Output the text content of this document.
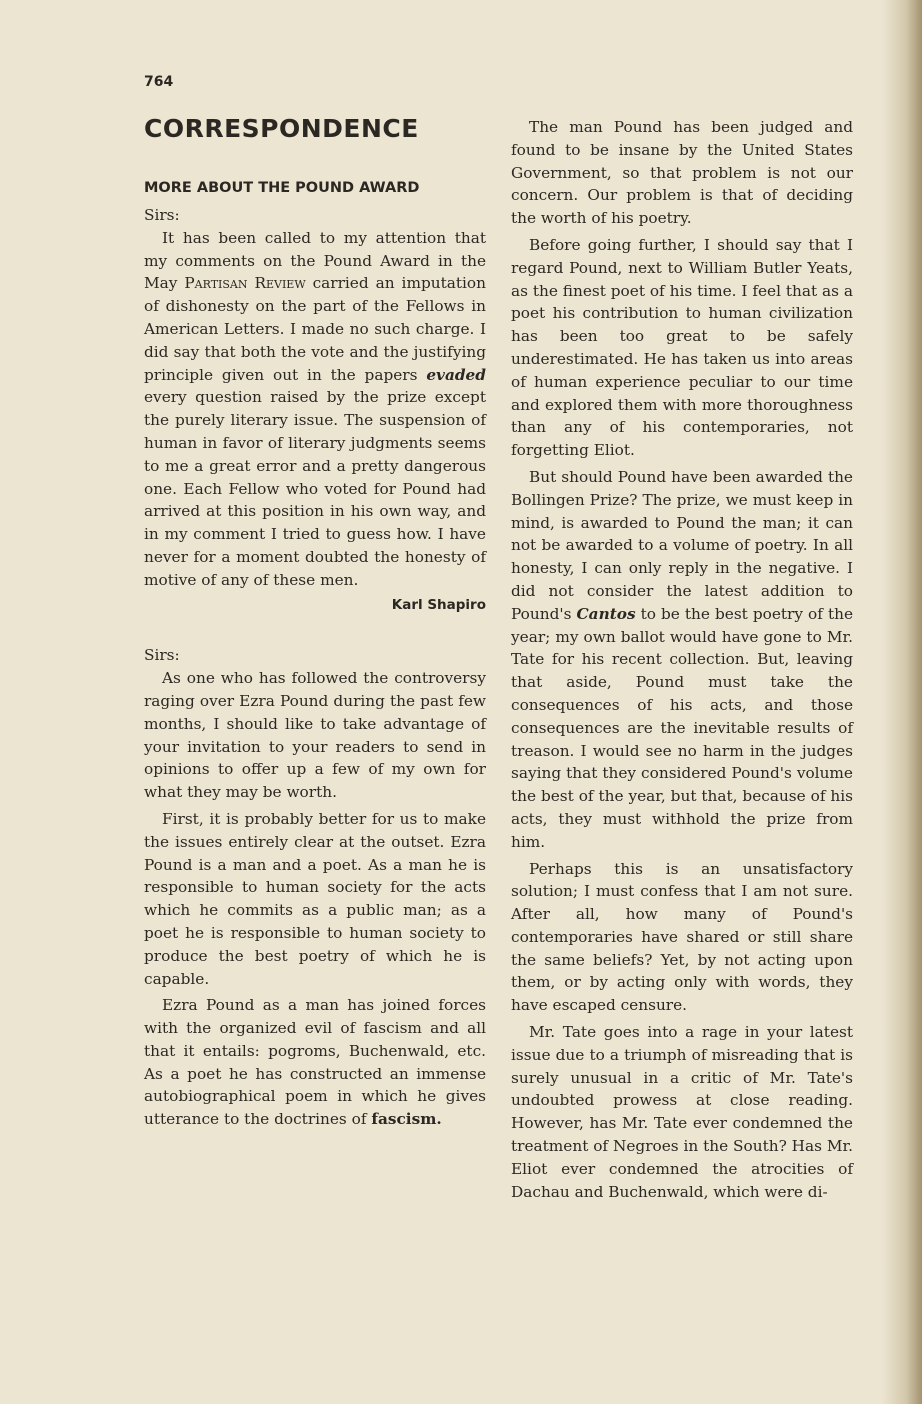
764
CORRESPONDENCE
MORE ABOUT THE POUND AWARD

Sirs:

It has been called to my attention that my comments on the Pound Award in the May Partisan Review carried an imputation of dishonesty on the part of the Fellows in American Letters. I made no such charge. I did say that both the vote and the justifying principle given out in the papers evaded every question raised by the prize except the purely literary issue. The suspension of human in favor of literary judgments seems to me a great error and a pretty dangerous one. Each Fellow who voted for Pound had arrived at this position in his own way, and in my comment I tried to guess how. I have never for a moment doubted the honesty of motive of any of these men.

Karl Shapiro

Sirs:

As one who has followed the controversy raging over Ezra Pound during the past few months, I should like to take advantage of your invitation to your readers to send in opinions to offer up a few of my own for what they may be worth.

First, it is probably better for us to make the issues entirely clear at the outset. Ezra Pound is a man and a poet. As a man he is responsible to human society for the acts which he commits as a public man; as a poet he is responsible to human society to produce the best poetry of which he is capable.

Ezra Pound as a man has joined forces with the organized evil of fascism and all that it entails: pogroms, Buchenwald, etc. As a poet he has constructed an immense autobiographical poem in which he gives utterance to the doctrines of fascism.

The man Pound has been judged and found to be insane by the United States Government, so that problem is not our concern. Our problem is that of deciding the worth of his poetry.

Before going further, I should say that I regard Pound, next to William Butler Yeats, as the finest poet of his time. I feel that as a poet his contribution to human civilization has been too great to be safely underestimated. He has taken us into areas of human experience peculiar to our time and explored them with more thoroughness than any of his contemporaries, not forgetting Eliot.

But should Pound have been awarded the Bollingen Prize? The prize, we must keep in mind, is awarded to Pound the man; it can not be awarded to a volume of poetry. In all honesty, I can only reply in the negative. I did not consider the latest addition to Pound's Cantos to be the best poetry of the year; my own ballot would have gone to Mr. Tate for his recent collection. But, leaving that aside, Pound must take the consequences of his acts, and those consequences are the inevitable results of treason. I would see no harm in the judges saying that they considered Pound's volume the best of the year, but that, because of his acts, they must withhold the prize from him.

Perhaps this is an unsatisfactory solution; I must confess that I am not sure. After all, how many of Pound's contemporaries have shared or still share the same beliefs? Yet, by not acting upon them, or by acting only with words, they have escaped censure.

Mr. Tate goes into a rage in your latest issue due to a triumph of misreading that is surely unusual in a critic of Mr. Tate's undoubted prowess at close reading. However, has Mr. Tate ever condemned the treatment of Negroes in the South? Has Mr. Eliot ever condemned the atrocities of Dachau and Buchenwald, which were di-
